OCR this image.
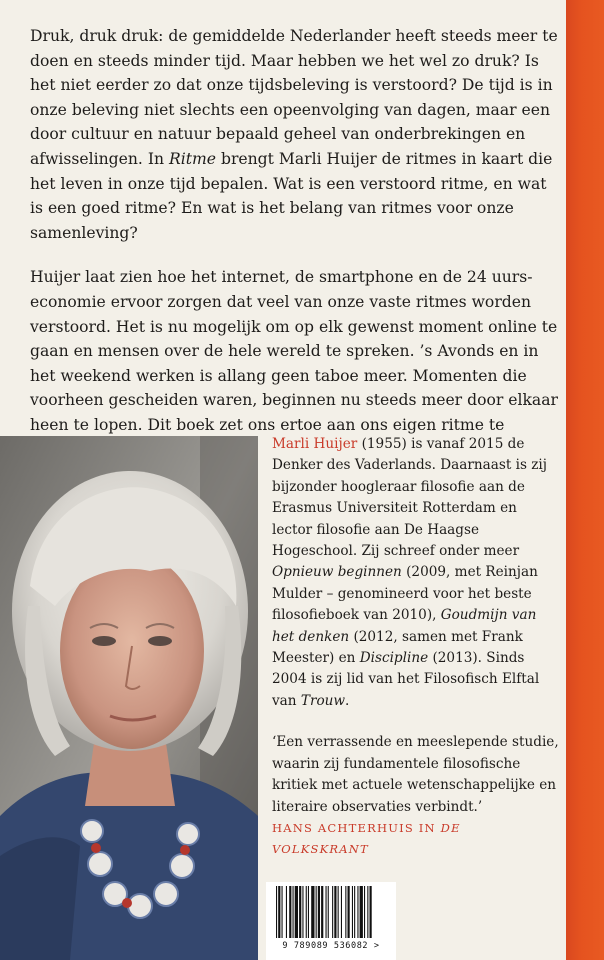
Druk, druk druk: de gemiddelde Nederlander heeft steeds meer te doen en steeds minder tijd. Maar hebben we het wel zo druk? Is het niet eerder zo dat onze tijdsbeleving is verstoord? De tijd is in onze beleving niet slechts een opeenvolging van dagen, maar een door cultuur en natuur bepaald geheel van onderbrekingen en afwisselingen. In Ritme brengt Marli Huijer de ritmes in kaart die het leven in onze tijd bepalen. Wat is een verstoord ritme, en wat is een goed ritme? En wat is het belang van ritmes voor onze samenleving?

Huijer laat zien hoe het internet, de smartphone en de 24 uurs-economie ervoor zorgen dat veel van onze vaste ritmes worden verstoord. Het is nu mogelijk om op elk gewenst moment online te gaan en mensen over de hele wereld te spreken. ’s Avonds en in het weekend werken is allang geen taboe meer. Momenten die voorheen gescheiden waren, beginnen nu steeds meer door elkaar heen te lopen. Dit boek zet ons ertoe aan ons eigen ritme te

Marli Huijer (1955) is vanaf 2015 de Denker des Vaderlands. Daarnaast is zij bijzonder hoogleraar filosofie aan de Erasmus Universiteit Rotterdam en lector filosofie aan De Haagse Hogeschool. Zij schreef onder meer Opnieuw beginnen (2009, met Reinjan Mulder – genomineerd voor het beste filosofieboek van 2010), Goudmijn van het denken (2012, samen met Frank Meester) en Discipline (2013). Sinds 2004 is zij lid van het Filosofisch Elftal van Trouw.

‘Een verrassende en meeslepende studie, waarin zij fundamentele filosofische kritiek met actuele wetenschappelijke en literaire observaties verbindt.’

HANS ACHTERHUIS IN DE VOLKSKRANT

9 789089 536082 >
